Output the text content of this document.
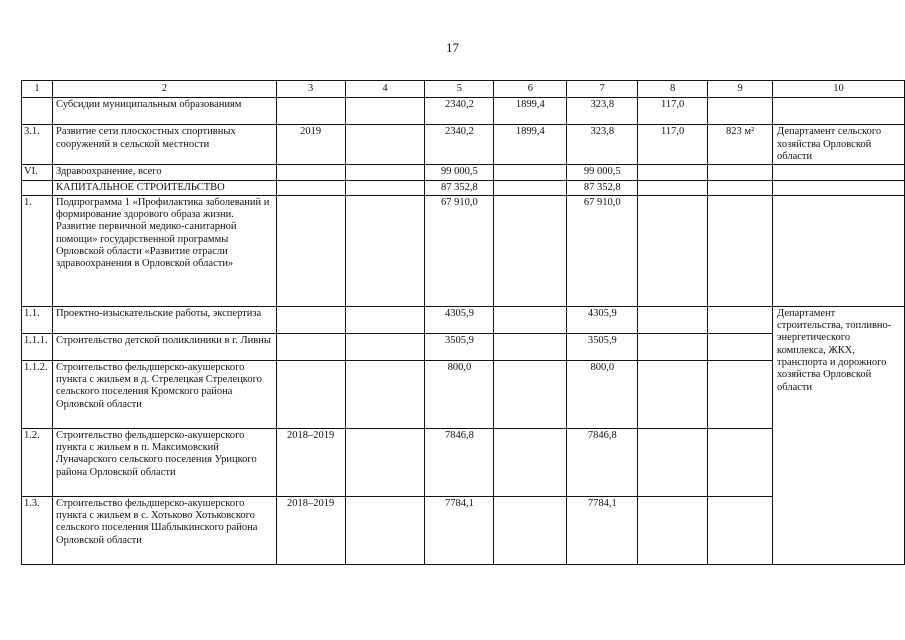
17
1	2	3	4	5	6	7	8	9	10
	Субсидии муниципальным образованиям			2340,2	1899,4	323,8	117,0		
3.1.	Развитие сети плоскостных спортивных сооружений в сельской местности	2019		2340,2	1899,4	323,8	117,0	823 м²	Департамент сельского хозяйства Орловской области
VI.	Здравоохранение, всего			99 000,5		99 000,5			
	КАПИТАЛЬНОЕ СТРОИТЕЛЬСТВО			87 352,8		87 352,8			
1.	Подпрограмма 1 «Профилактика заболеваний и формирование здорового образа жизни. Развитие первичной медико-санитарной помощи» государственной программы Орловской области «Развитие отрасли здравоохранения в Орловской области»			67 910,0		67 910,0			
1.1.	Проектно-изыскательские работы, экспертиза			4305,9		4305,9			Департамент строительства, топливно-энергетического комплекса, ЖКХ, транспорта и дорожного хозяйства Орловской области
1.1.1.	Строительство детской поликлиники в г. Ливны			3505,9		3505,9			
1.1.2.	Строительство фельдшерско-акушерского пункта с жильем в д. Стрелецкая Стрелецкого сельского поселения Кромского района Орловской области			800,0		800,0			
1.2.	Строительство фельдшерско-акушерского пункта с жильем в п. Максимовский Луначарского сельского поселения Урицкого района Орловской области	2018–2019		7846,8		7846,8			
1.3.	Строительство фельдшерско-акушерского пункта с жильем в с. Хотьково Хотьковского сельского поселения Шаблыкинского района Орловской области	2018–2019		7784,1		7784,1			
